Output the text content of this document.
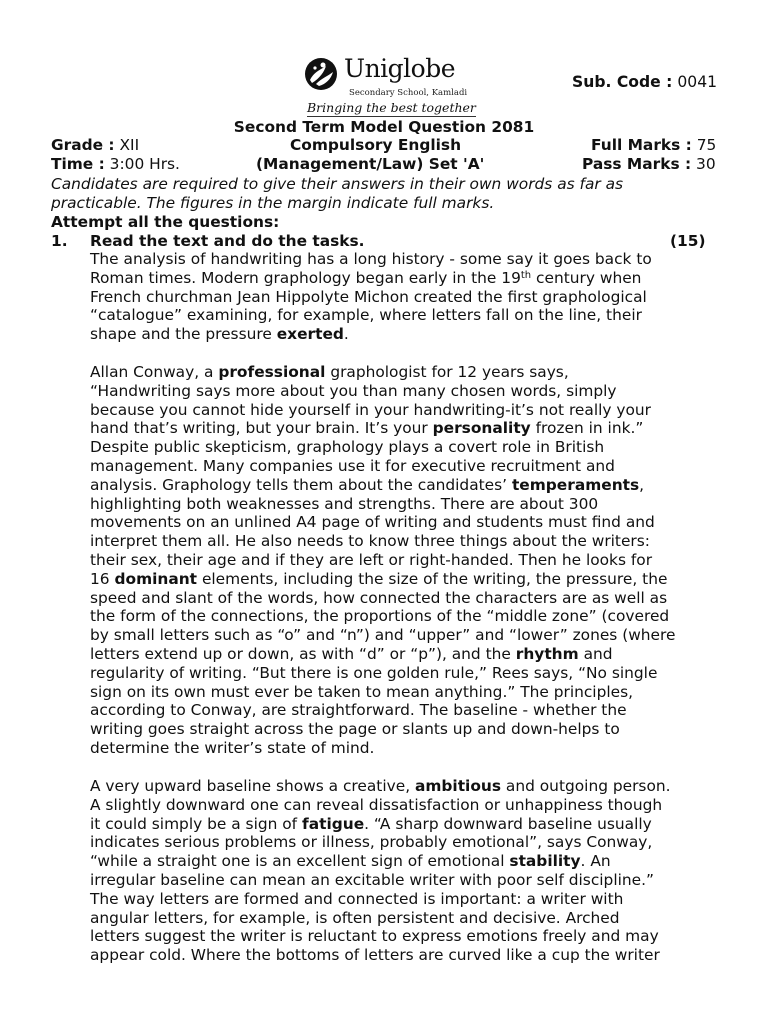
Uniglobe
Secondary School, Kamladi
Bringing the best together
Sub. Code : 0041
Second Term Model Question 2081
Grade : XII	Compulsory English	Full Marks : 75
Time : 3:00 Hrs.	(Management/Law) Set 'A'	Pass Marks : 30
Candidates are required to give their answers in their own words as far as
practicable. The figures in the margin indicate full marks.
Attempt all the questions:
1. Read the text and do the tasks.	(15)

The analysis of handwriting has a long history - some say it goes back to
Roman times. Modern graphology began early in the 19th century when
French churchman Jean Hippolyte Michon created the first graphological
“catalogue” examining, for example, where letters fall on the line, their
shape and the pressure exerted.

Allan Conway, a professional graphologist for 12 years says,
“Handwriting says more about you than many chosen words, simply
because you cannot hide yourself in your handwriting-it’s not really your
hand that’s writing, but your brain. It’s your personality frozen in ink.”
Despite public skepticism, graphology plays a covert role in British
management. Many companies use it for executive recruitment and
analysis. Graphology tells them about the candidates’ temperaments,
highlighting both weaknesses and strengths. There are about 300
movements on an unlined A4 page of writing and students must find and
interpret them all. He also needs to know three things about the writers:
their sex, their age and if they are left or right-handed. Then he looks for
16 dominant elements, including the size of the writing, the pressure, the
speed and slant of the words, how connected the characters are as well as
the form of the connections, the proportions of the “middle zone” (covered
by small letters such as “o” and “n”) and “upper” and “lower” zones (where
letters extend up or down, as with “d” or “p”), and the rhythm and
regularity of writing. “But there is one golden rule,” Rees says, “No single
sign on its own must ever be taken to mean anything.” The principles,
according to Conway, are straightforward. The baseline - whether the
writing goes straight across the page or slants up and down-helps to
determine the writer’s state of mind.

A very upward baseline shows a creative, ambitious and outgoing person.
A slightly downward one can reveal dissatisfaction or unhappiness though
it could simply be a sign of fatigue. “A sharp downward baseline usually
indicates serious problems or illness, probably emotional”, says Conway,
“while a straight one is an excellent sign of emotional stability. An
irregular baseline can mean an excitable writer with poor self discipline.”
The way letters are formed and connected is important: a writer with
angular letters, for example, is often persistent and decisive. Arched
letters suggest the writer is reluctant to express emotions freely and may
appear cold. Where the bottoms of letters are curved like a cup the writer
